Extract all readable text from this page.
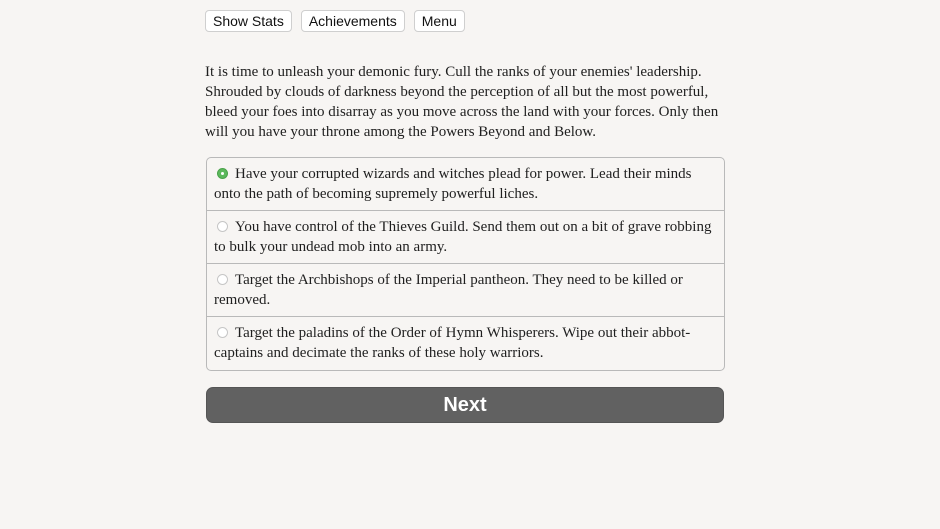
Show Stats	Achievements	Menu

It is time to unleash your demonic fury. Cull the ranks of your enemies' leadership. Shrouded by clouds of darkness beyond the perception of all but the most powerful, bleed your foes into disarray as you move across the land with your forces. Only then will you have your throne among the Powers Beyond and Below.

Have your corrupted wizards and witches plead for power. Lead their minds onto the path of becoming supremely powerful liches.
You have control of the Thieves Guild. Send them out on a bit of grave robbing to bulk your undead mob into an army.
Target the Archbishops of the Imperial pantheon. They need to be killed or removed.
Target the paladins of the Order of Hymn Whisperers. Wipe out their abbot-captains and decimate the ranks of these holy warriors.
Next
